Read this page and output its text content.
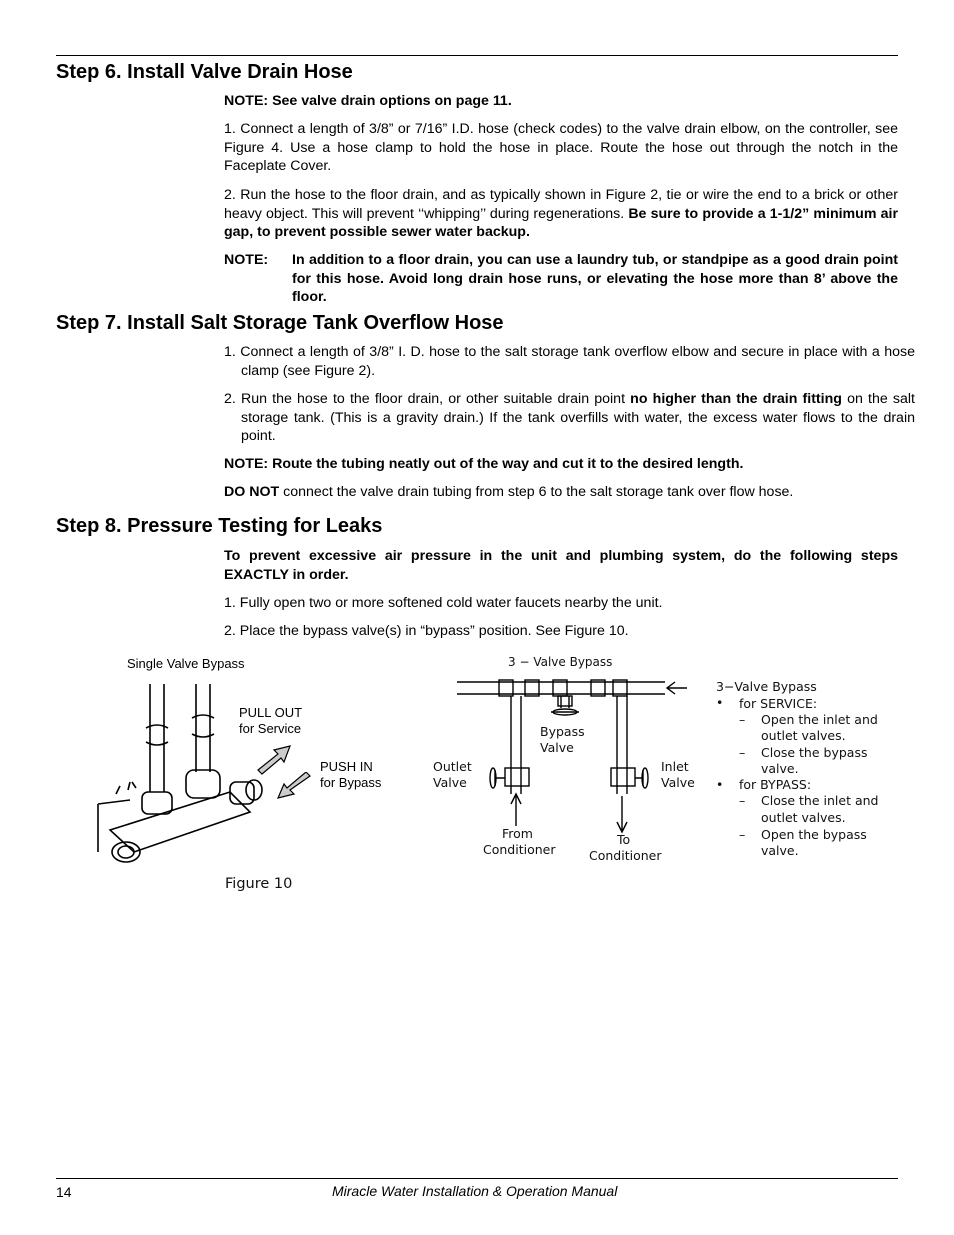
Step 6. Install Valve Drain Hose

NOTE: See valve drain options on page 11.

1. Connect a length of 3/8” or 7/16” I.D. hose (check codes) to the valve drain elbow, on the controller, see Figure 4. Use a hose clamp to hold the hose in place. Route the hose out through the notch in the Faceplate Cover.

2. Run the hose to the floor drain, and as typically shown in Figure 2, tie or wire the end to a brick or other heavy object. This will prevent ‘‘whipping’’ during regenerations. Be sure to provide a 1-1/2” minimum air gap, to prevent possible sewer water backup.

NOTE: In addition to a floor drain, you can use a laundry tub, or standpipe as a good drain point for this hose. Avoid long drain hose runs, or elevating the hose more than 8’ above the floor.
Step 7. Install Salt Storage Tank Overflow Hose

1. Connect a length of 3/8” I. D. hose to the salt storage tank overflow elbow and secure in place with a hose clamp (see Figure 2).

2. Run the hose to the floor drain, or other suitable drain point no higher than the drain fitting on the salt storage tank. (This is a gravity drain.) If the tank overfills with water, the excess water flows to the drain point.

NOTE: Route the tubing neatly out of the way and cut it to the desired length.

DO NOT connect the valve drain tubing from step 6 to the salt storage tank over flow hose.

Step 8. Pressure Testing for Leaks

To prevent excessive air pressure in the unit and plumbing system, do the following steps EXACTLY in order.

1. Fully open two or more softened cold water faucets nearby the unit.

2. Place the bypass valve(s) in “bypass” position. See Figure 10.

Single Valve Bypass
PULL OUT
for Service
PUSH IN
for Bypass
Figure 10
3 − Valve Bypass
Bypass
Valve
Outlet
Valve
Inlet
Valve
From
Conditioner
To
Conditioner
3−Valve Bypass
• for SERVICE:
– Open the inlet and
outlet valves.
– Close the bypass
valve.
• for BYPASS:
– Close the inlet and
outlet valves.
– Open the bypass
valve.
14	Miracle Water Installation & Operation Manual
